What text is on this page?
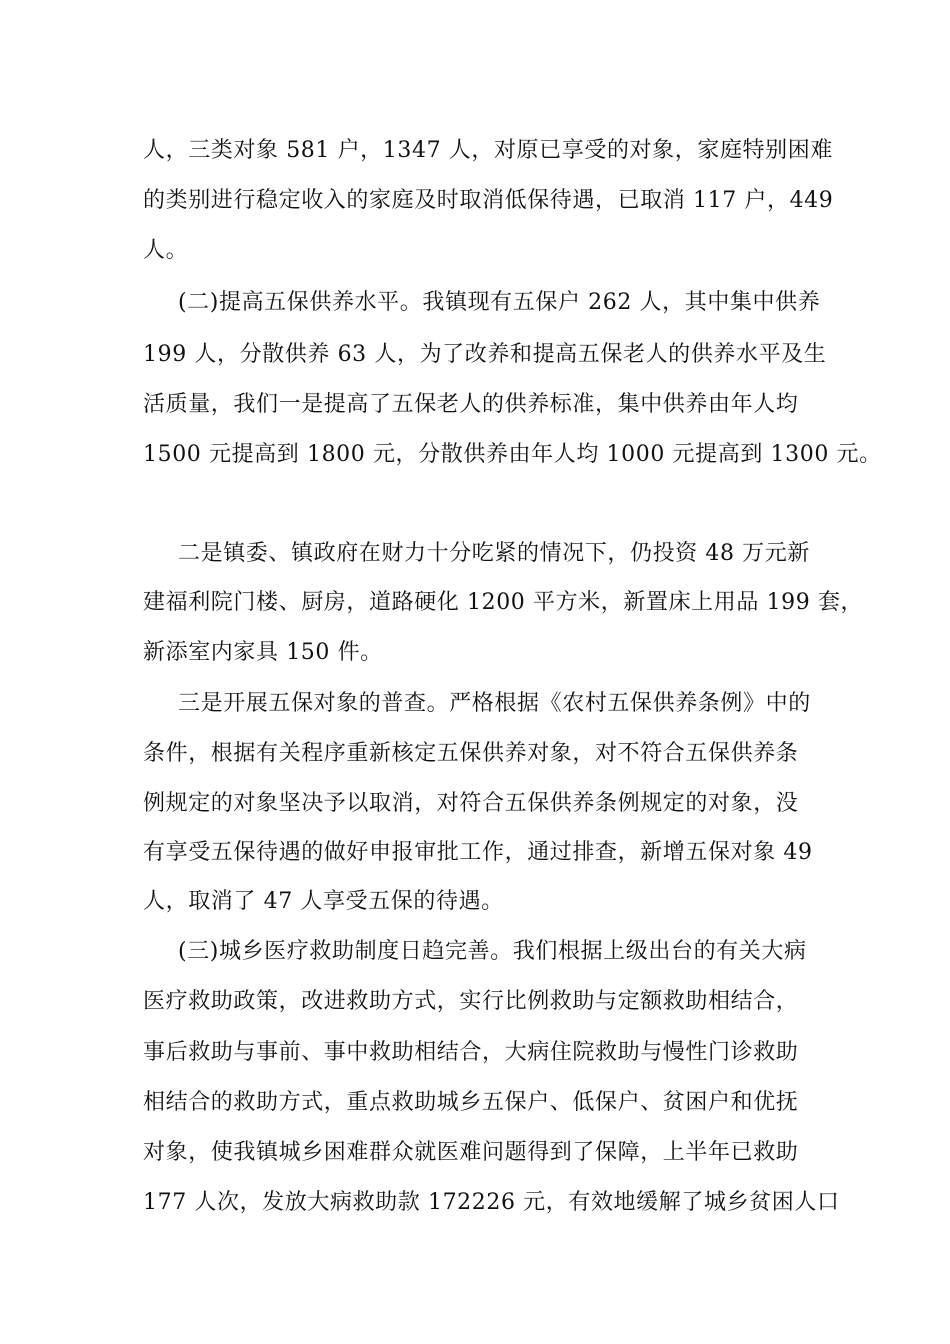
人，三类对象 581 户，1347 人，对原已享受的对象，家庭特别困难
的类别进行稳定收入的家庭及时取消低保待遇，已取消 117 户，449
人。
(二)提高五保供养水平。我镇现有五保户 262 人，其中集中供养
199 人，分散供养 63 人，为了改养和提高五保老人的供养水平及生
活质量，我们一是提高了五保老人的供养标准，集中供养由年人均
1500 元提高到 1800 元，分散供养由年人均 1000 元提高到 1300 元。
二是镇委、镇政府在财力十分吃紧的情况下，仍投资 48 万元新
建福利院门楼、厨房，道路硬化 1200 平方米，新置床上用品 199 套，
新添室内家具 150 件。
三是开展五保对象的普查。严格根据《农村五保供养条例》中的
条件，根据有关程序重新核定五保供养对象，对不符合五保供养条
例规定的对象坚决予以取消，对符合五保供养条例规定的对象，没
有享受五保待遇的做好申报审批工作，通过排查，新增五保对象 49
人，取消了 47 人享受五保的待遇。
(三)城乡医疗救助制度日趋完善。我们根据上级出台的有关大病
医疗救助政策，改进救助方式，实行比例救助与定额救助相结合，
事后救助与事前、事中救助相结合，大病住院救助与慢性门诊救助
相结合的救助方式，重点救助城乡五保户、低保户、贫困户和优抚
对象，使我镇城乡困难群众就医难问题得到了保障，上半年已救助
177 人次，发放大病救助款 172226 元，有效地缓解了城乡贫困人口
